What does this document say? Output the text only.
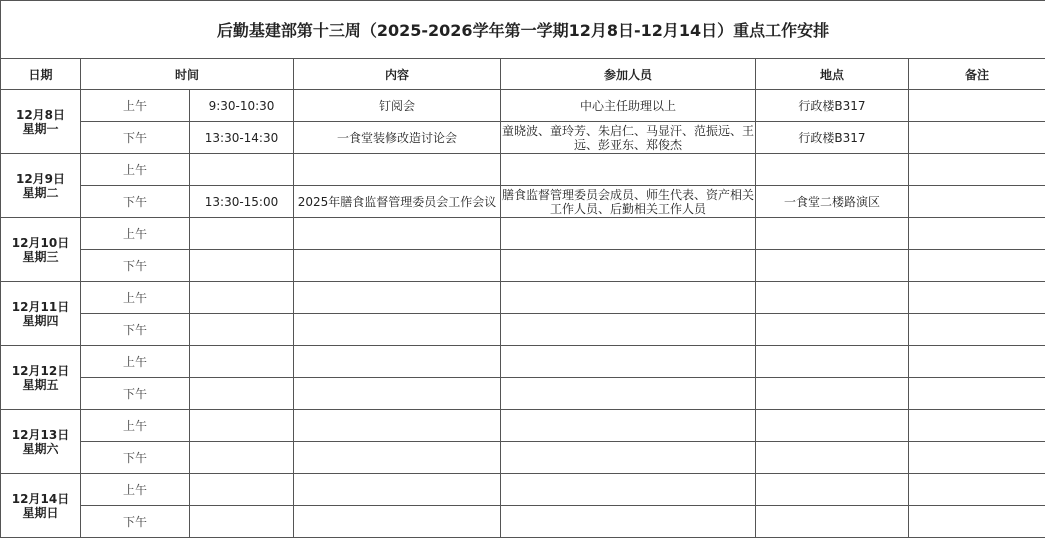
后勤基建部第十三周（2025-2026学年第一学期12月8日-12月14日）重点工作安排						
日期	时间		内容	参加人员	地点	备注

12月8日
星期一	上午	9:30-10:30	钉阅会	中心主任助理以上	行政楼B317	
	下午	13:30-14:30	一食堂装修改造讨论会	童晓波、童玲芳、朱启仁、马显汗、范振远、王远、彭亚东、郑俊杰	行政楼B317	

12月9日
星期二	上午					
	下午	13:30-15:00	2025年膳食监督管理委员会工作会议	膳食监督管理委员会成员、师生代表、资产相关工作人员、后勤相关工作人员	一食堂二楼路演区	

12月10日
星期三	上午					
	下午					

12月11日
星期四	上午					
	下午					

12月12日
星期五	上午					
	下午					

12月13日
星期六	上午					
	下午					

12月14日
星期日	上午					
	下午					
